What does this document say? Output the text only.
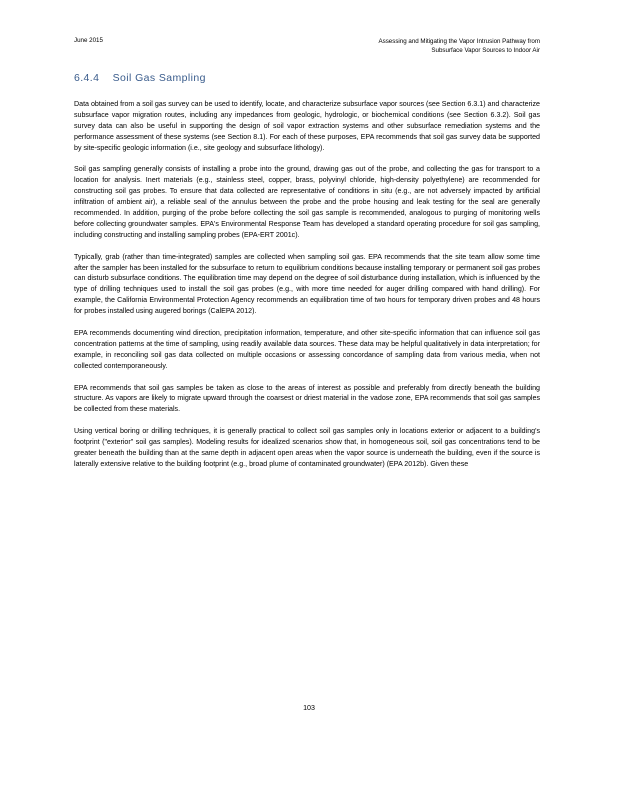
June 2015	Assessing and Mitigating the Vapor Intrusion Pathway from
Subsurface Vapor Sources to Indoor Air
6.4.4 Soil Gas Sampling

Data obtained from a soil gas survey can be used to identify, locate, and characterize subsurface vapor sources (see Section 6.3.1) and characterize subsurface vapor migration routes, including any impedances from geologic, hydrologic, or biochemical conditions (see Section 6.3.2). Soil gas survey data can also be useful in supporting the design of soil vapor extraction systems and other subsurface remediation systems and the performance assessment of these systems (see Section 8.1). For each of these purposes, EPA recommends that soil gas survey data be supported by site-specific geologic information (i.e., site geology and subsurface lithology).

Soil gas sampling generally consists of installing a probe into the ground, drawing gas out of the probe, and collecting the gas for transport to a location for analysis. Inert materials (e.g., stainless steel, copper, brass, polyvinyl chloride, high-density polyethylene) are recommended for constructing soil gas probes. To ensure that data collected are representative of conditions in situ (e.g., are not adversely impacted by artificial infiltration of ambient air), a reliable seal of the annulus between the probe and the probe housing and leak testing for the seal are generally recommended. In addition, purging of the probe before collecting the soil gas sample is recommended, analogous to purging of monitoring wells before collecting groundwater samples. EPA's Environmental Response Team has developed a standard operating procedure for soil gas sampling, including constructing and installing sampling probes (EPA-ERT 2001c).

Typically, grab (rather than time-integrated) samples are collected when sampling soil gas. EPA recommends that the site team allow some time after the sampler has been installed for the subsurface to return to equilibrium conditions because installing temporary or permanent soil gas probes can disturb subsurface conditions. The equilibration time may depend on the degree of soil disturbance during installation, which is influenced by the type of drilling techniques used to install the soil gas probes (e.g., with more time needed for auger drilling compared with hand drilling). For example, the California Environmental Protection Agency recommends an equilibration time of two hours for temporary driven probes and 48 hours for probes installed using augered borings (CalEPA 2012).

EPA recommends documenting wind direction, precipitation information, temperature, and other site-specific information that can influence soil gas concentration patterns at the time of sampling, using readily available data sources. These data may be helpful qualitatively in data interpretation; for example, in reconciling soil gas data collected on multiple occasions or assessing concordance of sampling data from various media, when not collected contemporaneously.

EPA recommends that soil gas samples be taken as close to the areas of interest as possible and preferably from directly beneath the building structure. As vapors are likely to migrate upward through the coarsest or driest material in the vadose zone, EPA recommends that soil gas samples be collected from these materials.

Using vertical boring or drilling techniques, it is generally practical to collect soil gas samples only in locations exterior or adjacent to a building's footprint ("exterior" soil gas samples). Modeling results for idealized scenarios show that, in homogeneous soil, soil gas concentrations tend to be greater beneath the building than at the same depth in adjacent open areas when the vapor source is underneath the building, even if the source is laterally extensive relative to the building footprint (e.g., broad plume of contaminated groundwater) (EPA 2012b). Given these

103
